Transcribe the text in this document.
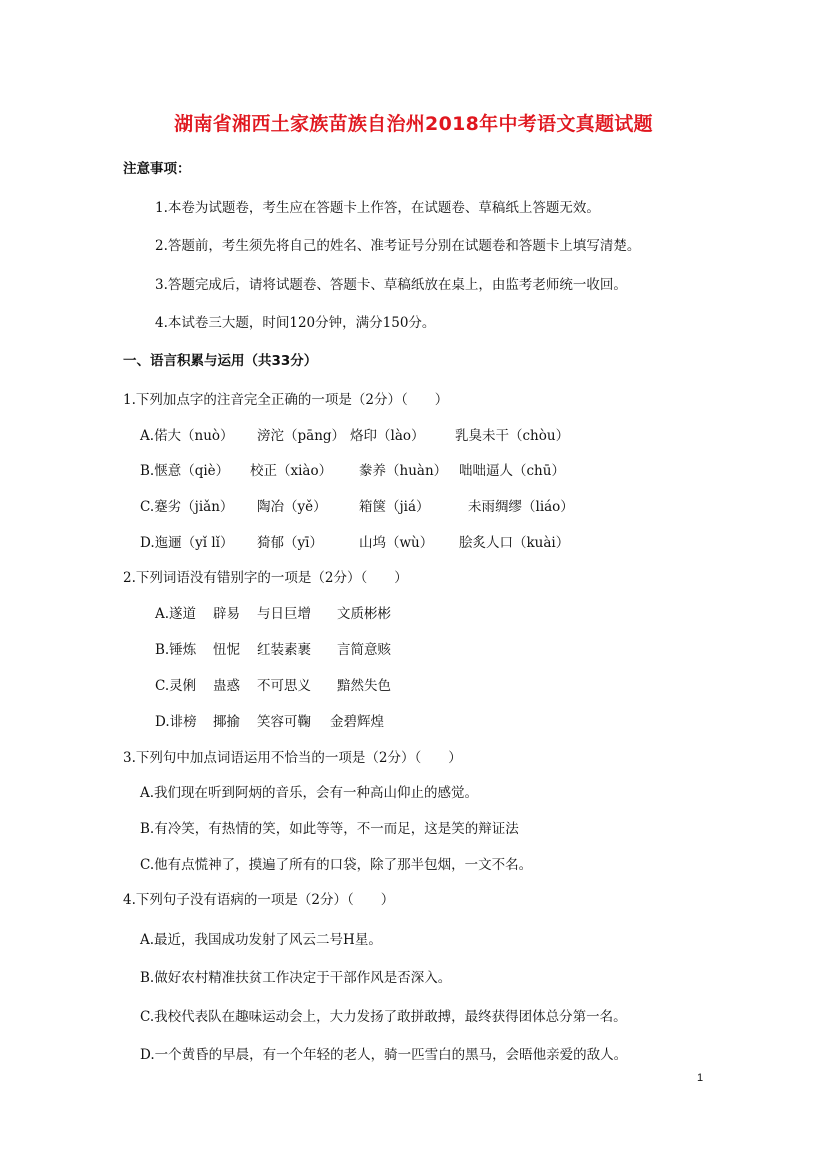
湖南省湘西土家族苗族自治州2018年中考语文真题试题
注意事项：
1.本卷为试题卷，考生应在答题卡上作答，在试题卷、草稿纸上答题无效。
2.答题前，考生须先将自己的姓名、准考证号分别在试题卷和答题卡上填写清楚。
3.答题完成后，请将试题卷、答题卡、草稿纸放在桌上，由监考老师统一收回。
4.本试卷三大题，时间120分钟，满分150分。
一、语言积累与运用（共33分）
1.下列加点字的注音完全正确的一项是（2分）（　　）
A.偌大（nuò） 滂沱（pāng） 烙印（lào） 乳臭未干（chòu）
B.惬意（qiè） 校正（xiào） 豢养（huàn） 咄咄逼人（chū）
C.蹇劣（jiǎn） 陶冶（yě） 箱箧（jiá）	未雨绸缪（liáo）
D.迤逦（yǐ lǐ） 猗郁（yī）	山坞（wù） 脍炙人口（kuài）
2.下列词语没有错别字的一项是（2分）（　　）
A.遂道 辟易 与日巨增 文质彬彬
B.锤炼 忸怩 红装素裹 言简意赅
C.灵俐 蛊惑 不可思义 黯然失色
D.诽榜 揶揄 笑容可鞠 金碧辉煌
3.下列句中加点词语运用不恰当的一项是（2分）（　　）
A.我们现在听到阿炳的音乐，会有一种高山仰止的感觉。
B.有冷笑，有热情的笑，如此等等，不一而足，这是笑的辩证法
C.他有点慌神了，摸遍了所有的口袋，除了那半包烟，一文不名。
4.下列句子没有语病的一项是（2分）（　　）
A.最近，我国成功发射了风云二号H星。
B.做好农村精准扶贫工作决定于干部作风是否深入。
C.我校代表队在趣味运动会上，大力发扬了敢拼敢搏，最终获得团体总分第一名。
D.一个黄昏的早晨，有一个年轻的老人，骑一匹雪白的黑马，会晤他亲爱的敌人。
1
